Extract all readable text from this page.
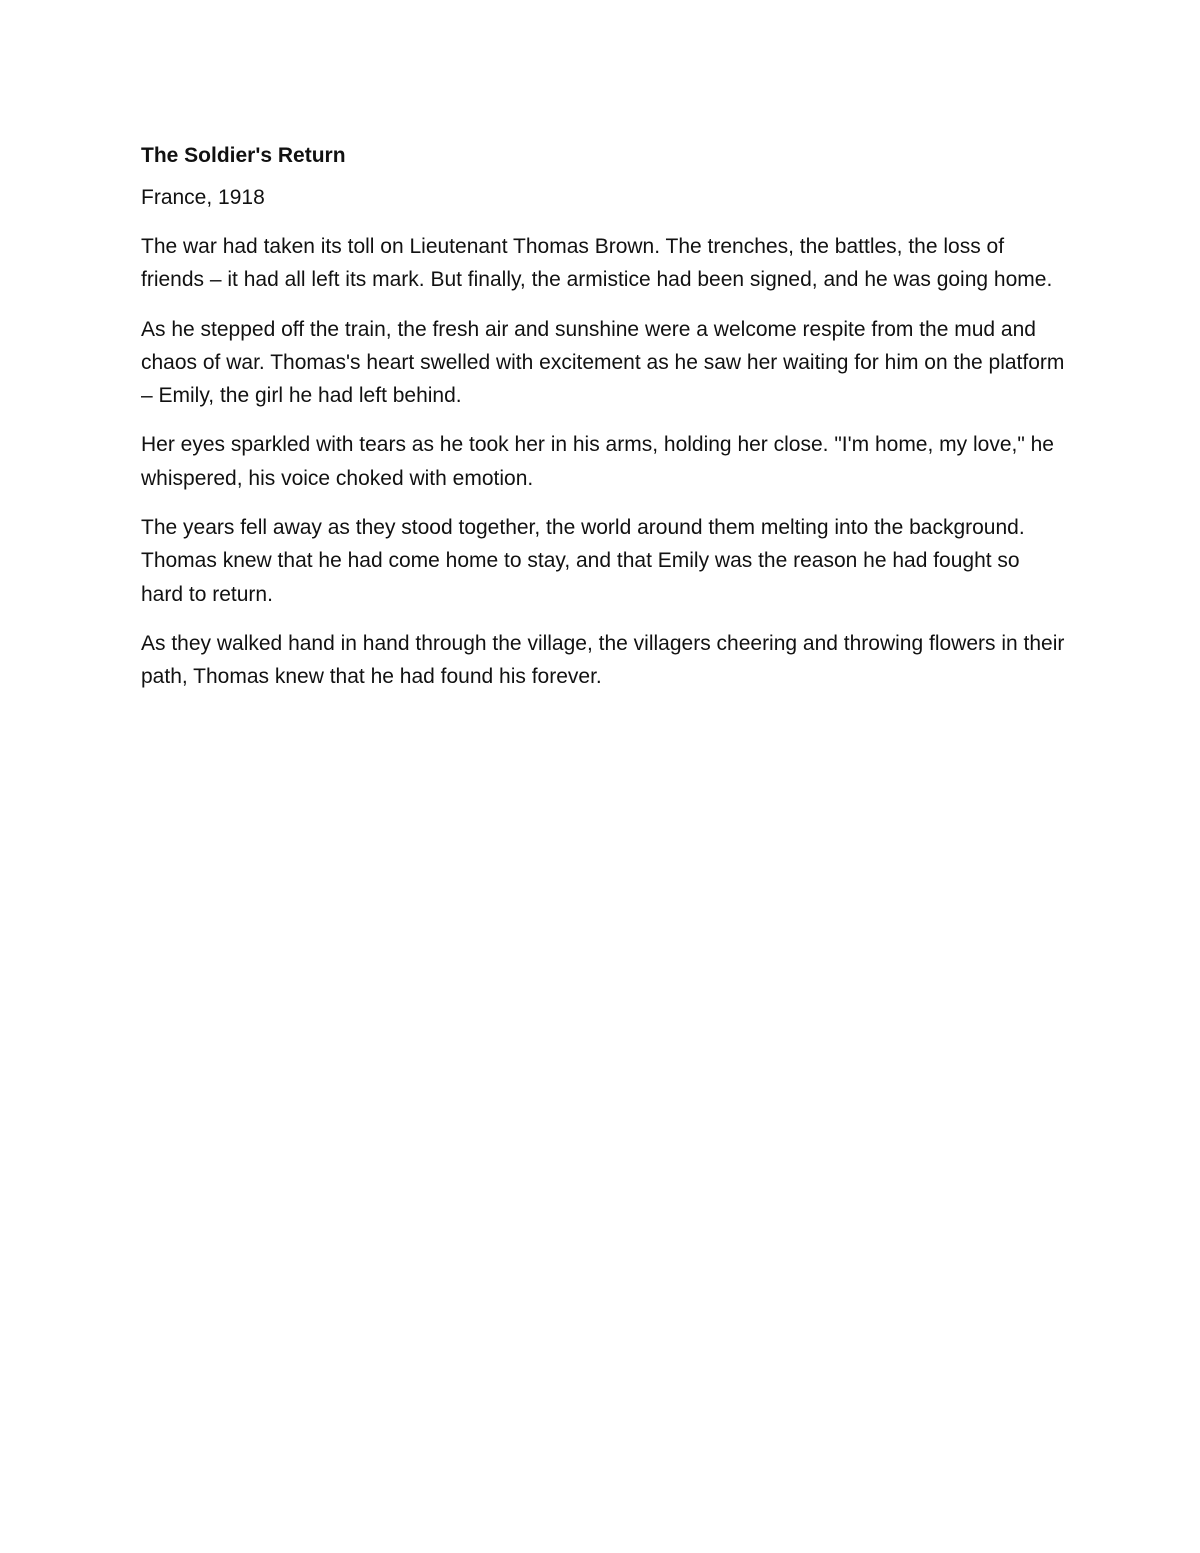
The Soldier's Return

France, 1918

The war had taken its toll on Lieutenant Thomas Brown. The trenches, the battles, the loss of friends – it had all left its mark. But finally, the armistice had been signed, and he was going home.

As he stepped off the train, the fresh air and sunshine were a welcome respite from the mud and chaos of war. Thomas's heart swelled with excitement as he saw her waiting for him on the platform – Emily, the girl he had left behind.

Her eyes sparkled with tears as he took her in his arms, holding her close. "I'm home, my love," he whispered, his voice choked with emotion.

The years fell away as they stood together, the world around them melting into the background. Thomas knew that he had come home to stay, and that Emily was the reason he had fought so hard to return.

As they walked hand in hand through the village, the villagers cheering and throwing flowers in their path, Thomas knew that he had found his forever.
